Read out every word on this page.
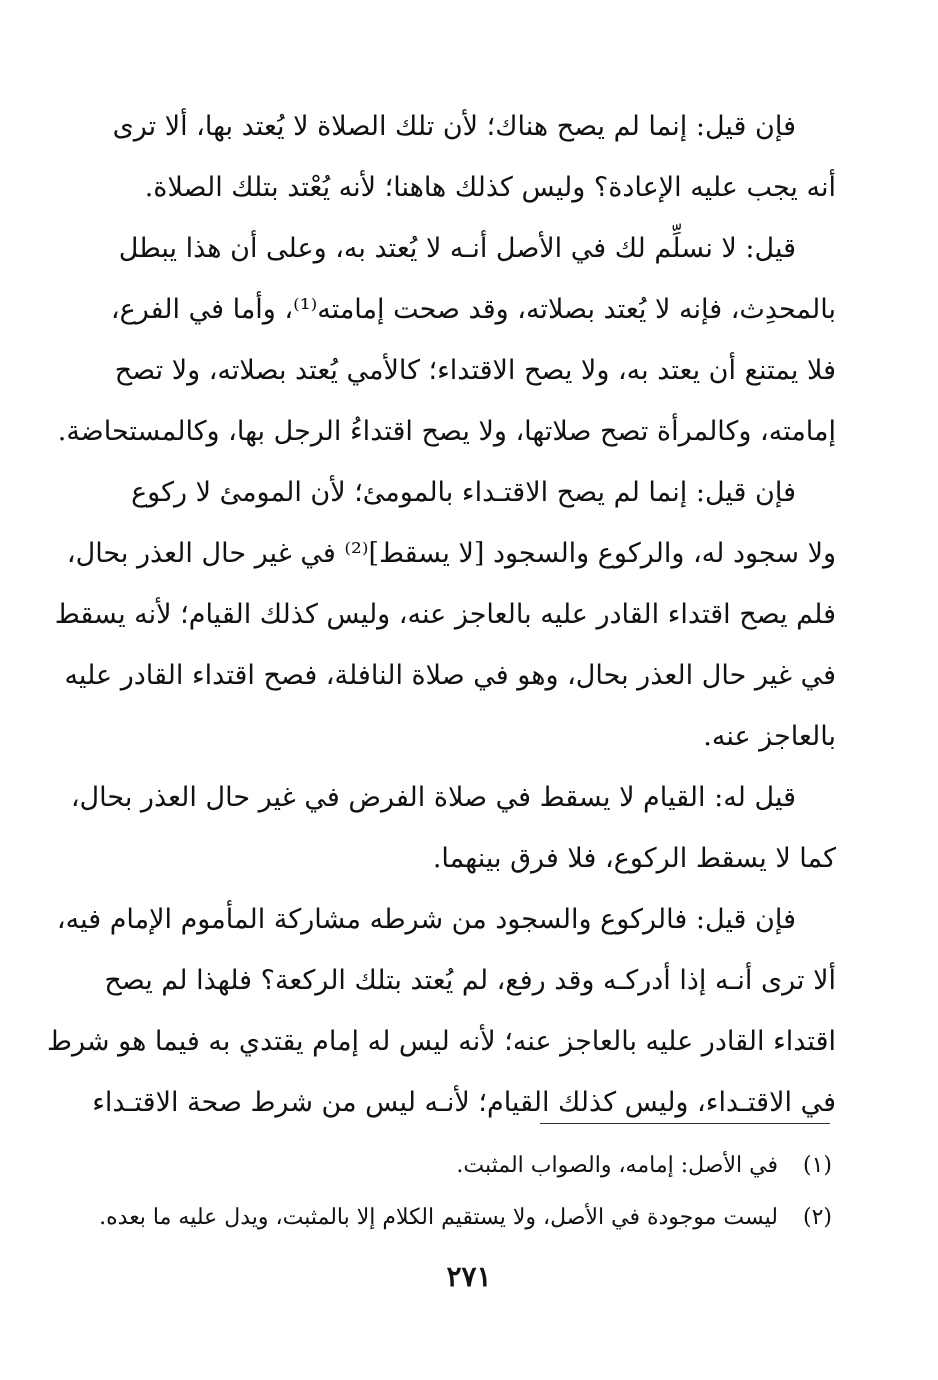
فإن قيل: إنما لم يصح هناك؛ لأن تلك الصلاة لا يُعتد بها، ألا ترى
أنه يجب عليه الإعادة؟ وليس كذلك هاهنا؛ لأنه يُعْتد بتلك الصلاة.
قيل: لا نسلِّم لك في الأصل أنـه لا يُعتد به، وعلى أن هذا يبطل
بالمحدِث، فإنه لا يُعتد بصلاته، وقد صحت إمامته⁽¹⁾، وأما في الفرع،
فلا يمتنع أن يعتد به، ولا يصح الاقتداء؛ كالأمي يُعتد بصلاته، ولا تصح
إمامته، وكالمرأة تصح صلاتها، ولا يصح اقتداءُ الرجل بها، وكالمستحاضة.
فإن قيل: إنما لم يصح الاقتـداء بالمومئ؛ لأن المومئ لا ركوع
ولا سجود له، والركوع والسجود [لا يسقط]⁽²⁾ في غير حال العذر بحال،
فلم يصح اقتداء القادر عليه بالعاجز عنه، وليس كذلك القيام؛ لأنه يسقط
في غير حال العذر بحال، وهو في صلاة النافلة، فصح اقتداء القادر عليه
بالعاجز عنه.
قيل له: القيام لا يسقط في صلاة الفرض في غير حال العذر بحال،
كما لا يسقط الركوع، فلا فرق بينهما.
فإن قيل: فالركوع والسجود من شرطه مشاركة المأموم الإمام فيه،
ألا ترى أنـه إذا أدركـه وقد رفع، لم يُعتد بتلك الركعة؟ فلهذا لم يصح
اقتداء القادر عليه بالعاجز عنه؛ لأنه ليس له إمام يقتدي به فيما هو شرط
في الاقتـداء، وليس كذلك القيام؛ لأنـه ليس من شرط صحة الاقتـداء
(١)
في الأصل: إمامه، والصواب المثبت.
(٢)
ليست موجودة في الأصل، ولا يستقيم الكلام إلا بالمثبت، ويدل عليه ما بعده.
٢٧١
